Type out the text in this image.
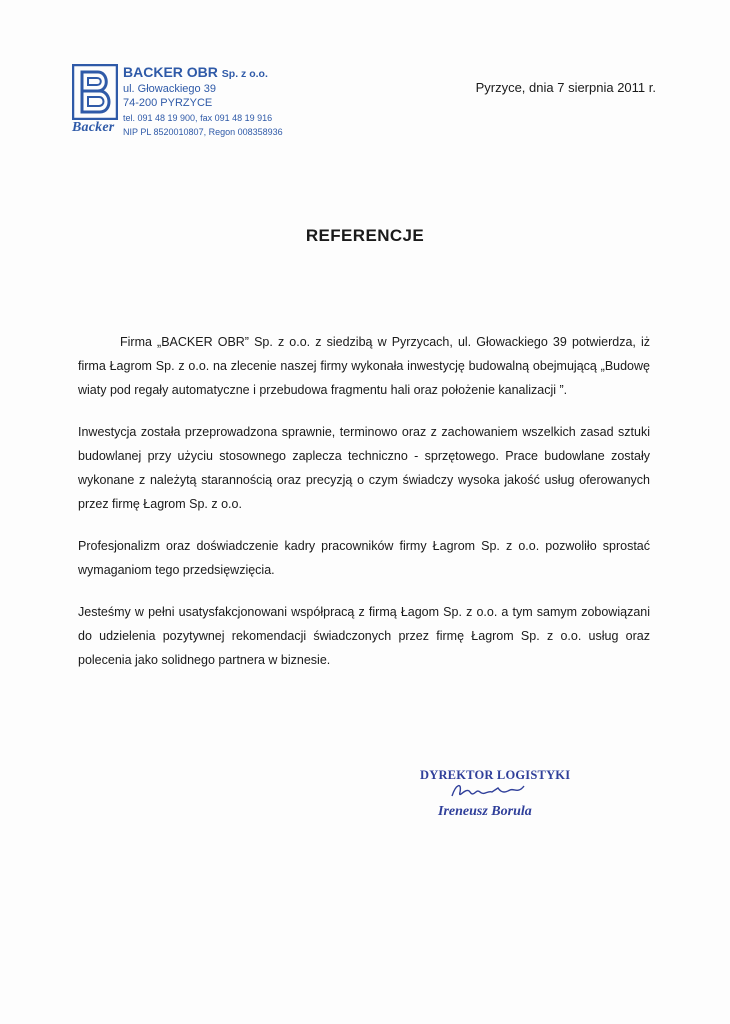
Backer
BACKER OBR Sp. z o.o.
ul. Głowackiego 39
74-200 PYRZYCE
tel. 091 48 19 900, fax 091 48 19 916
NIP PL 8520010807, Regon 008358936
Pyrzyce, dnia 7 sierpnia 2011 r.
REFERENCJE

Firma „BACKER OBR” Sp. z o.o. z siedzibą w Pyrzycach, ul. Głowackiego 39 potwierdza, iż firma Łagrom Sp. z o.o. na zlecenie naszej firmy wykonała inwestycję budowalną obejmującą „Budowę wiaty pod regały automatyczne i przebudowa fragmentu hali oraz położenie kanalizacji ”.

Inwestycja została przeprowadzona sprawnie, terminowo oraz z zachowaniem wszelkich zasad sztuki budowlanej przy użyciu stosownego zaplecza techniczno - sprzętowego. Prace budowlane zostały wykonane z należytą starannością oraz precyzją o czym świadczy wysoka jakość usług oferowanych przez firmę Łagrom Sp. z o.o.

Profesjonalizm oraz doświadczenie kadry pracowników firmy Łagrom Sp. z o.o. pozwoliło sprostać wymaganiom tego przedsięwzięcia.

Jesteśmy w pełni usatysfakcjonowani współpracą z firmą Łagom Sp. z o.o. a tym samym zobowiązani do udzielenia pozytywnej rekomendacji świadczonych przez firmę Łagrom Sp. z o.o. usług oraz polecenia jako solidnego partnera w biznesie.

DYREKTOR LOGISTYKI
Ireneusz Borula
